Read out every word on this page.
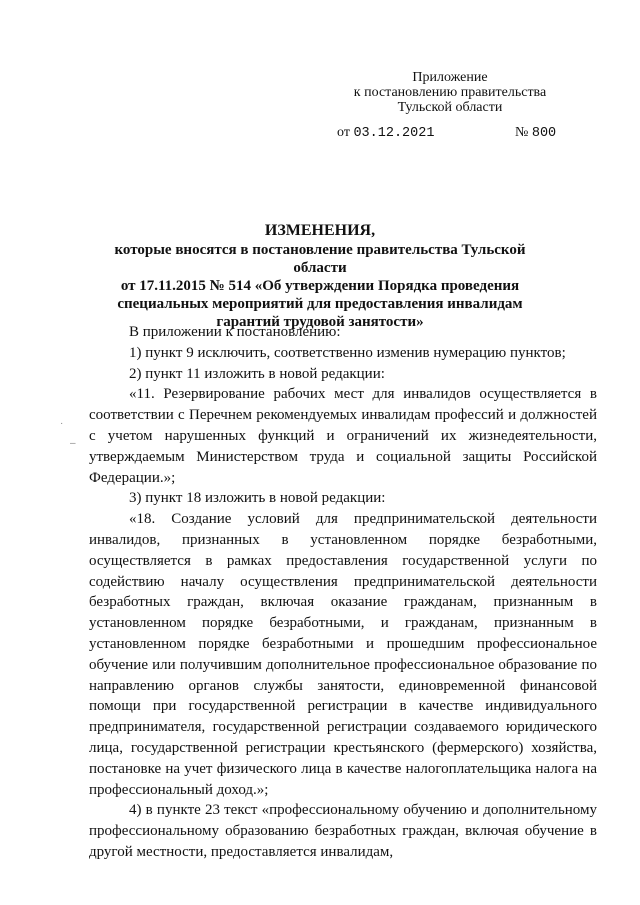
Приложение
к постановлению правительства
Тульской области
от 03.12.2021	№ 800
ИЗМЕНЕНИЯ,
которые вносятся в постановление правительства Тульской области
от 17.11.2015 № 514 «Об утверждении Порядка проведения
специальных мероприятий для предоставления инвалидам
гарантий трудовой занятости»

В приложении к постановлению:

1) пункт 9 исключить, соответственно изменив нумерацию пунктов;

2) пункт 11 изложить в новой редакции:

«11. Резервирование рабочих мест для инвалидов осуществляется в соответствии с Перечнем рекомендуемых инвалидам профессий и должностей с учетом нарушенных функций и ограничений их жизнедеятельности, утверждаемым Министерством труда и социальной защиты Российской Федерации.»;

3) пункт 18 изложить в новой редакции:

«18. Создание условий для предпринимательской деятельности инвалидов, признанных в установленном порядке безработными, осуществляется в рамках предоставления государственной услуги по содействию началу осуществления предпринимательской деятельности безработных граждан, включая оказание гражданам, признанным в установленном порядке безработными, и гражданам, признанным в установленном порядке безработными и прошедшим профессиональное обучение или получившим дополнительное профессиональное образование по направлению органов службы занятости, единовременной финансовой помощи при государственной регистрации в качестве индивидуального предпринимателя, государственной регистрации создаваемого юридического лица, государственной регистрации крестьянского (фермерского) хозяйства, постановке на учет физического лица в качестве налогоплательщика налога на профессиональный доход.»;

4) в пункте 23 текст «профессиональному обучению и дополнительному профессиональному образованию безработных граждан, включая обучение в другой местности, предоставляется инвалидам,

·
–
